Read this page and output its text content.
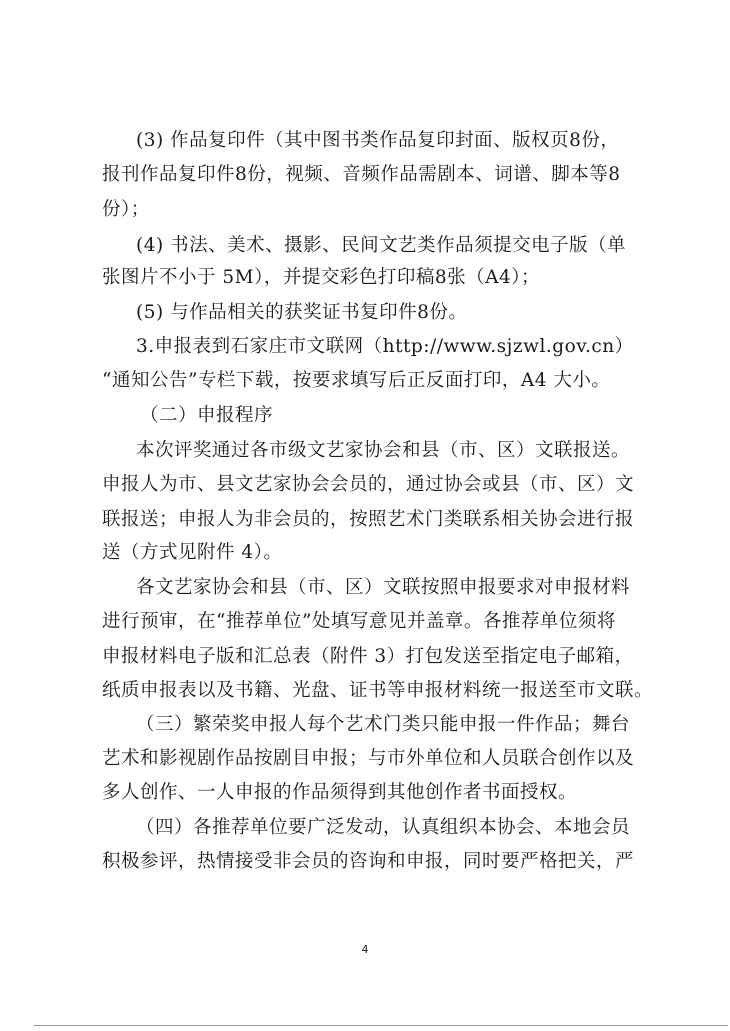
(3) 作品复印件（其中图书类作品复印封面、版权页8份，
报刊作品复印件8份，视频、音频作品需剧本、词谱、脚本等8
份）；
(4) 书法、美术、摄影、民间文艺类作品须提交电子版（单
张图片不小于 5M），并提交彩色打印稿8张（A4）；
(5) 与作品相关的获奖证书复印件8份。
3.申报表到石家庄市文联网（http://www.sjzwl.gov.cn）
“通知公告”专栏下载，按要求填写后正反面打印，A4 大小。
（二）申报程序
本次评奖通过各市级文艺家协会和县（市、区）文联报送。
申报人为市、县文艺家协会会员的，通过协会或县（市、区）文
联报送；申报人为非会员的，按照艺术门类联系相关协会进行报
送（方式见附件 4）。
各文艺家协会和县（市、区）文联按照申报要求对申报材料
进行预审，在“推荐单位”处填写意见并盖章。各推荐单位须将
申报材料电子版和汇总表（附件 3）打包发送至指定电子邮箱，
纸质申报表以及书籍、光盘、证书等申报材料统一报送至市文联。
（三）繁荣奖申报人每个艺术门类只能申报一件作品；舞台
艺术和影视剧作品按剧目申报；与市外单位和人员联合创作以及
多人创作、一人申报的作品须得到其他创作者书面授权。
（四）各推荐单位要广泛发动，认真组织本协会、本地会员
积极参评，热情接受非会员的咨询和申报，同时要严格把关，严
4
